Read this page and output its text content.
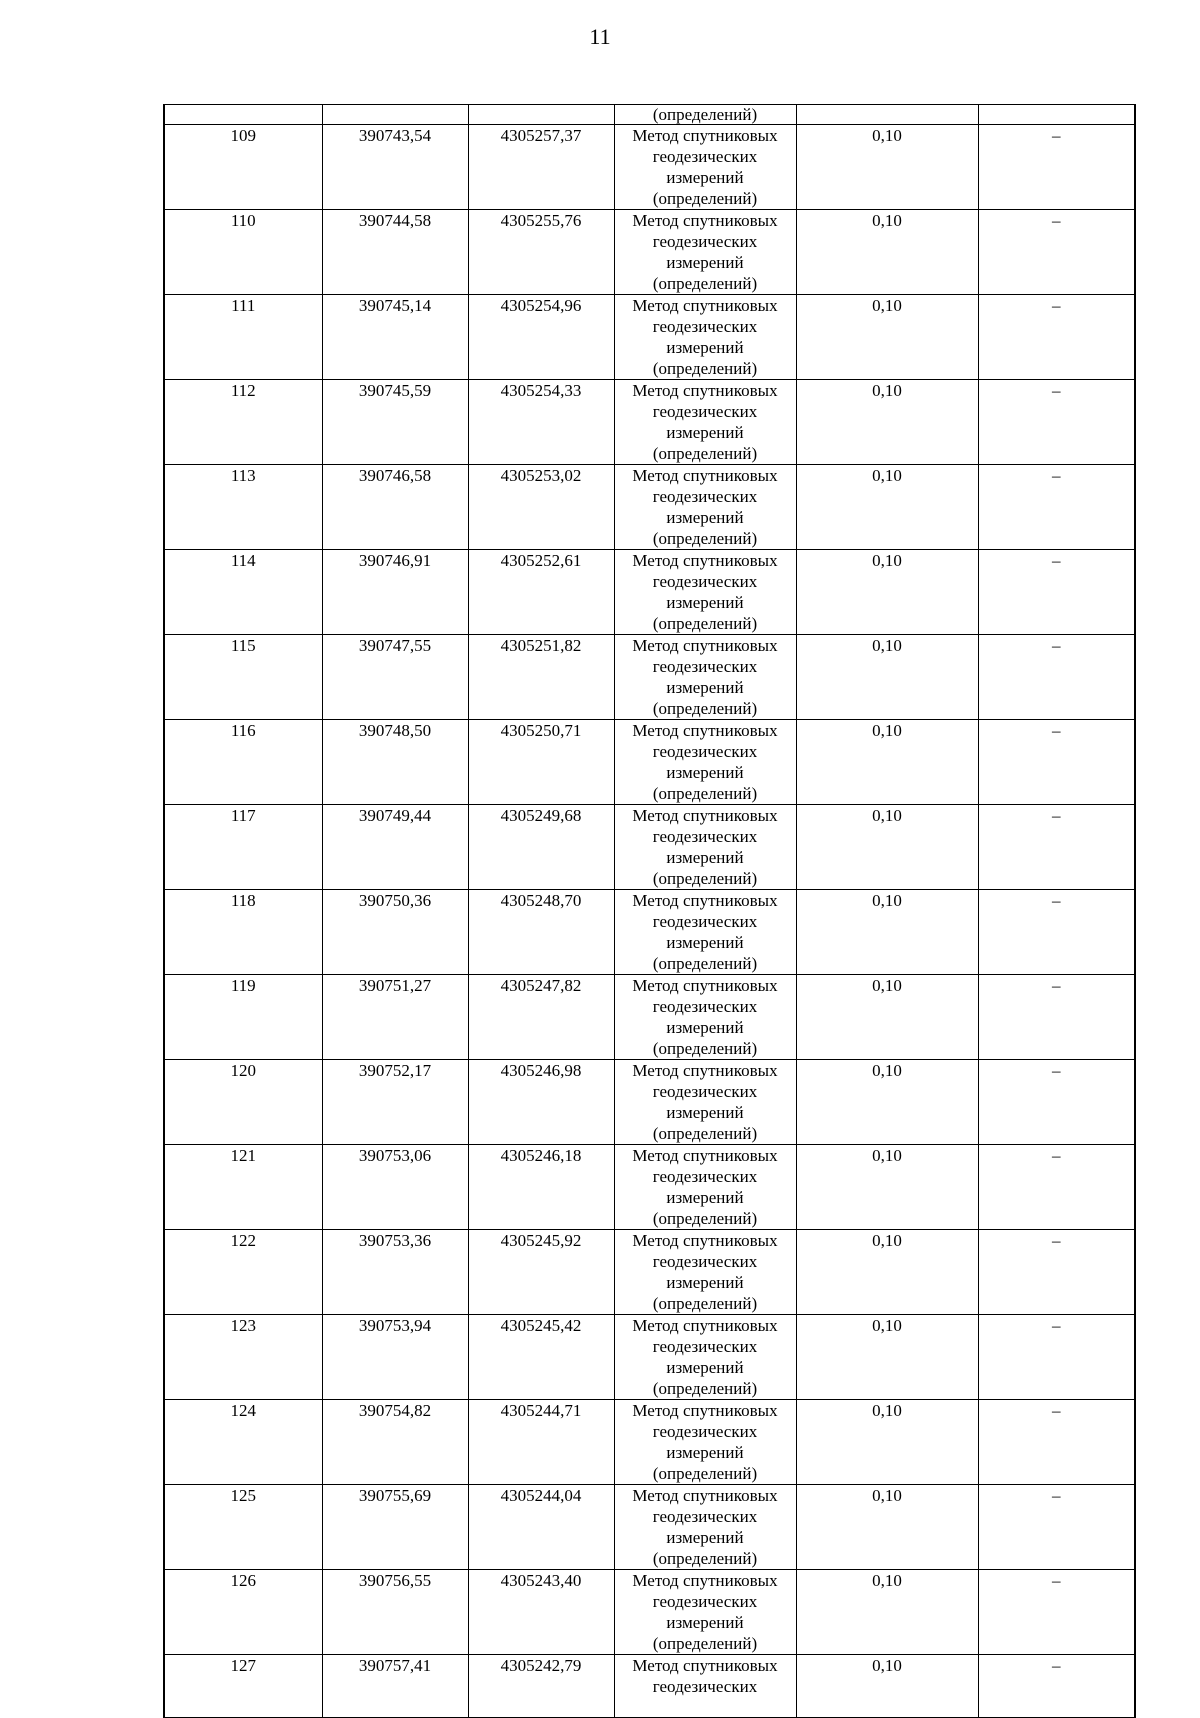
11
			(определений)		
109	390743,54	4305257,37	Метод спутниковых
геодезических
измерений
(определений)	0,10	–
110	390744,58	4305255,76	Метод спутниковых
геодезических
измерений
(определений)	0,10	–
111	390745,14	4305254,96	Метод спутниковых
геодезических
измерений
(определений)	0,10	–
112	390745,59	4305254,33	Метод спутниковых
геодезических
измерений
(определений)	0,10	–
113	390746,58	4305253,02	Метод спутниковых
геодезических
измерений
(определений)	0,10	–
114	390746,91	4305252,61	Метод спутниковых
геодезических
измерений
(определений)	0,10	–
115	390747,55	4305251,82	Метод спутниковых
геодезических
измерений
(определений)	0,10	–
116	390748,50	4305250,71	Метод спутниковых
геодезических
измерений
(определений)	0,10	–
117	390749,44	4305249,68	Метод спутниковых
геодезических
измерений
(определений)	0,10	–
118	390750,36	4305248,70	Метод спутниковых
геодезических
измерений
(определений)	0,10	–
119	390751,27	4305247,82	Метод спутниковых
геодезических
измерений
(определений)	0,10	–
120	390752,17	4305246,98	Метод спутниковых
геодезических
измерений
(определений)	0,10	–
121	390753,06	4305246,18	Метод спутниковых
геодезических
измерений
(определений)	0,10	–
122	390753,36	4305245,92	Метод спутниковых
геодезических
измерений
(определений)	0,10	–
123	390753,94	4305245,42	Метод спутниковых
геодезических
измерений
(определений)	0,10	–
124	390754,82	4305244,71	Метод спутниковых
геодезических
измерений
(определений)	0,10	–
125	390755,69	4305244,04	Метод спутниковых
геодезических
измерений
(определений)	0,10	–
126	390756,55	4305243,40	Метод спутниковых
геодезических
измерений
(определений)	0,10	–
127	390757,41	4305242,79	Метод спутниковых
геодезических	0,10	–
